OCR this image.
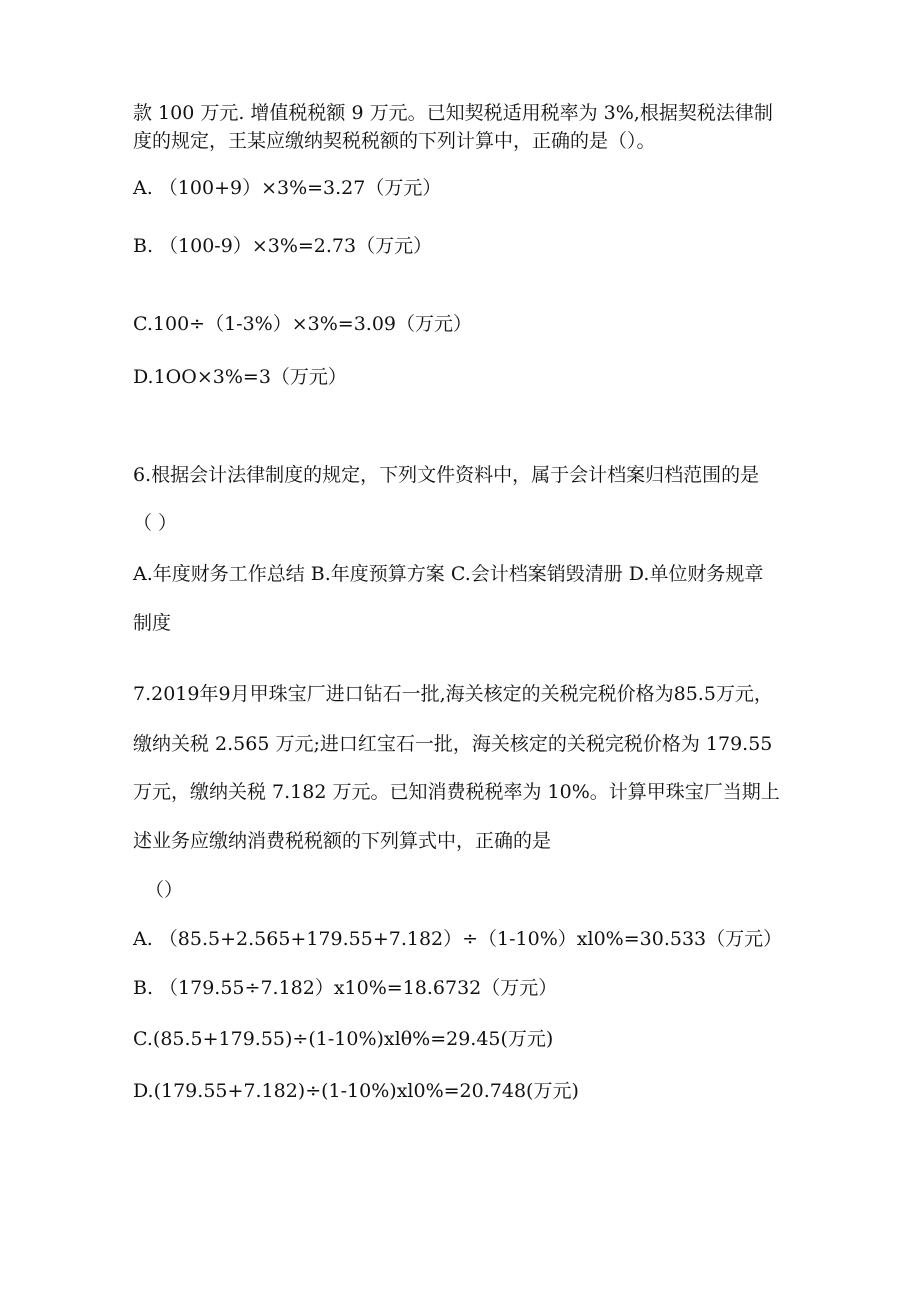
款 100 万元. 增值税税额 9 万元。已知契税适用税率为 3%,根据契税法律制
度的规定，王某应缴纳契税税额的下列计算中，正确的是（）。
A. （100+9）×3%=3.27（万元）
B. （100-9）×3%=2.73（万元）
C.100÷（1-3%）×3%=3.09（万元）
D.1OO×3%=3（万元）
6.根据会计法律制度的规定，下列文件资料中，属于会计档案归档范围的是
（ ）
A.年度财务工作总结 B.年度预算方案 C.会计档案销毁清册 D.单位财务规章
制度
7.2019年9月甲珠宝厂进口钻石一批,海关核定的关税完税价格为85.5万元，
缴纳关税 2.565 万元;进口红宝石一批，海关核定的关税完税价格为 179.55
万元，缴纳关税 7.182 万元。已知消费税税率为 10%。计算甲珠宝厂当期上
述业务应缴纳消费税税额的下列算式中，正确的是
（）
A. （85.5+2.565+179.55+7.182）÷（1-10%）xl0%=30.533（万元）
B. （179.55÷7.182）x10%=18.6732（万元）
C.(85.5+179.55)÷(1-10%)xlθ%=29.45(万元)
D.(179.55+7.182)÷(1-10%)xl0%=20.748(万元)
